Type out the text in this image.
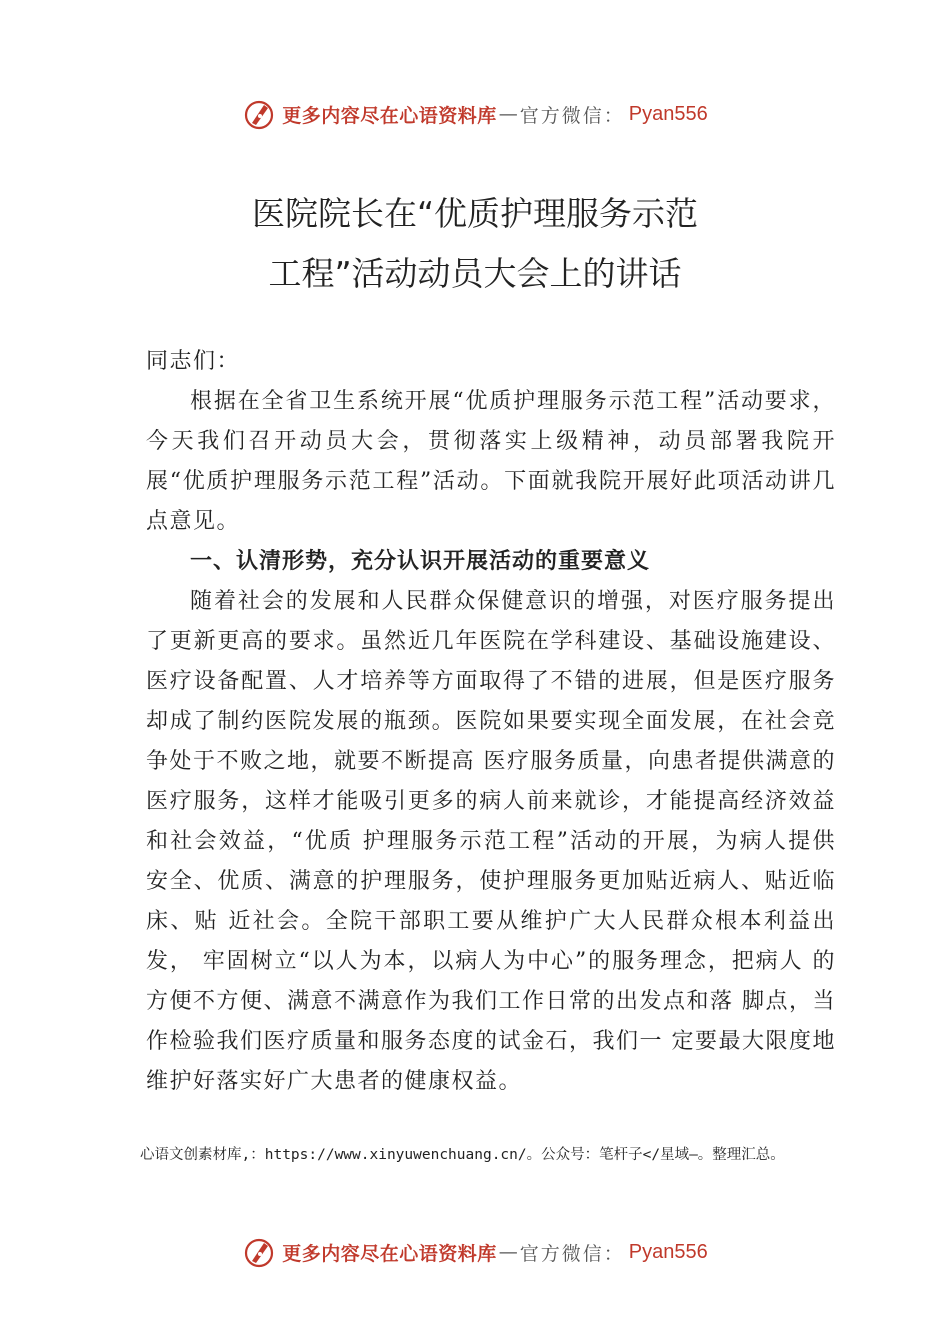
更多内容尽在心语资料库 — 官方微信： Pyan556
医院院长在“优质护理服务示范
工程”活动动员大会上的讲话

同志们：

根据在全省卫生系统开展“优质护理服务示范工程”活动要求，今天我们召开动员大会，贯彻落实上级精神，动员部署我院开展“优质护理服务示范工程”活动。下面就我院开展好此项活动讲几点意见。

一、认清形势，充分认识开展活动的重要意义

随着社会的发展和人民群众保健意识的增强，对医疗服务提出了更新更高的要求。虽然近几年医院在学科建设、基础设施建设、医疗设备配置、人才培养等方面取得了不错的进展，但是医疗服务却成了制约医院发展的瓶颈。医院如果要实现全面发展，在社会竞争处于不败之地，就要不断提高 医疗服务质量，向患者提供满意的医疗服务，这样才能吸引更多的病人前来就诊，才能提高经济效益和社会效益，“优质 护理服务示范工程”活动的开展，为病人提供安全、优质、满意的护理服务，使护理服务更加贴近病人、贴近临床、贴 近社会。全院干部职工要从维护广大人民群众根本利益出发， 牢固树立“以人为本，以病人为中心”的服务理念，把病人 的方便不方便、满意不满意作为我们工作日常的出发点和落 脚点，当作检验我们医疗质量和服务态度的试金石，我们一 定要最大限度地维护好落实好广大患者的健康权益。

心语文创素材库,：https://www.xinyuwenchuang.cn/。公众号：笔杆子</星域—。整理汇总。
更多内容尽在心语资料库 — 官方微信： Pyan556
